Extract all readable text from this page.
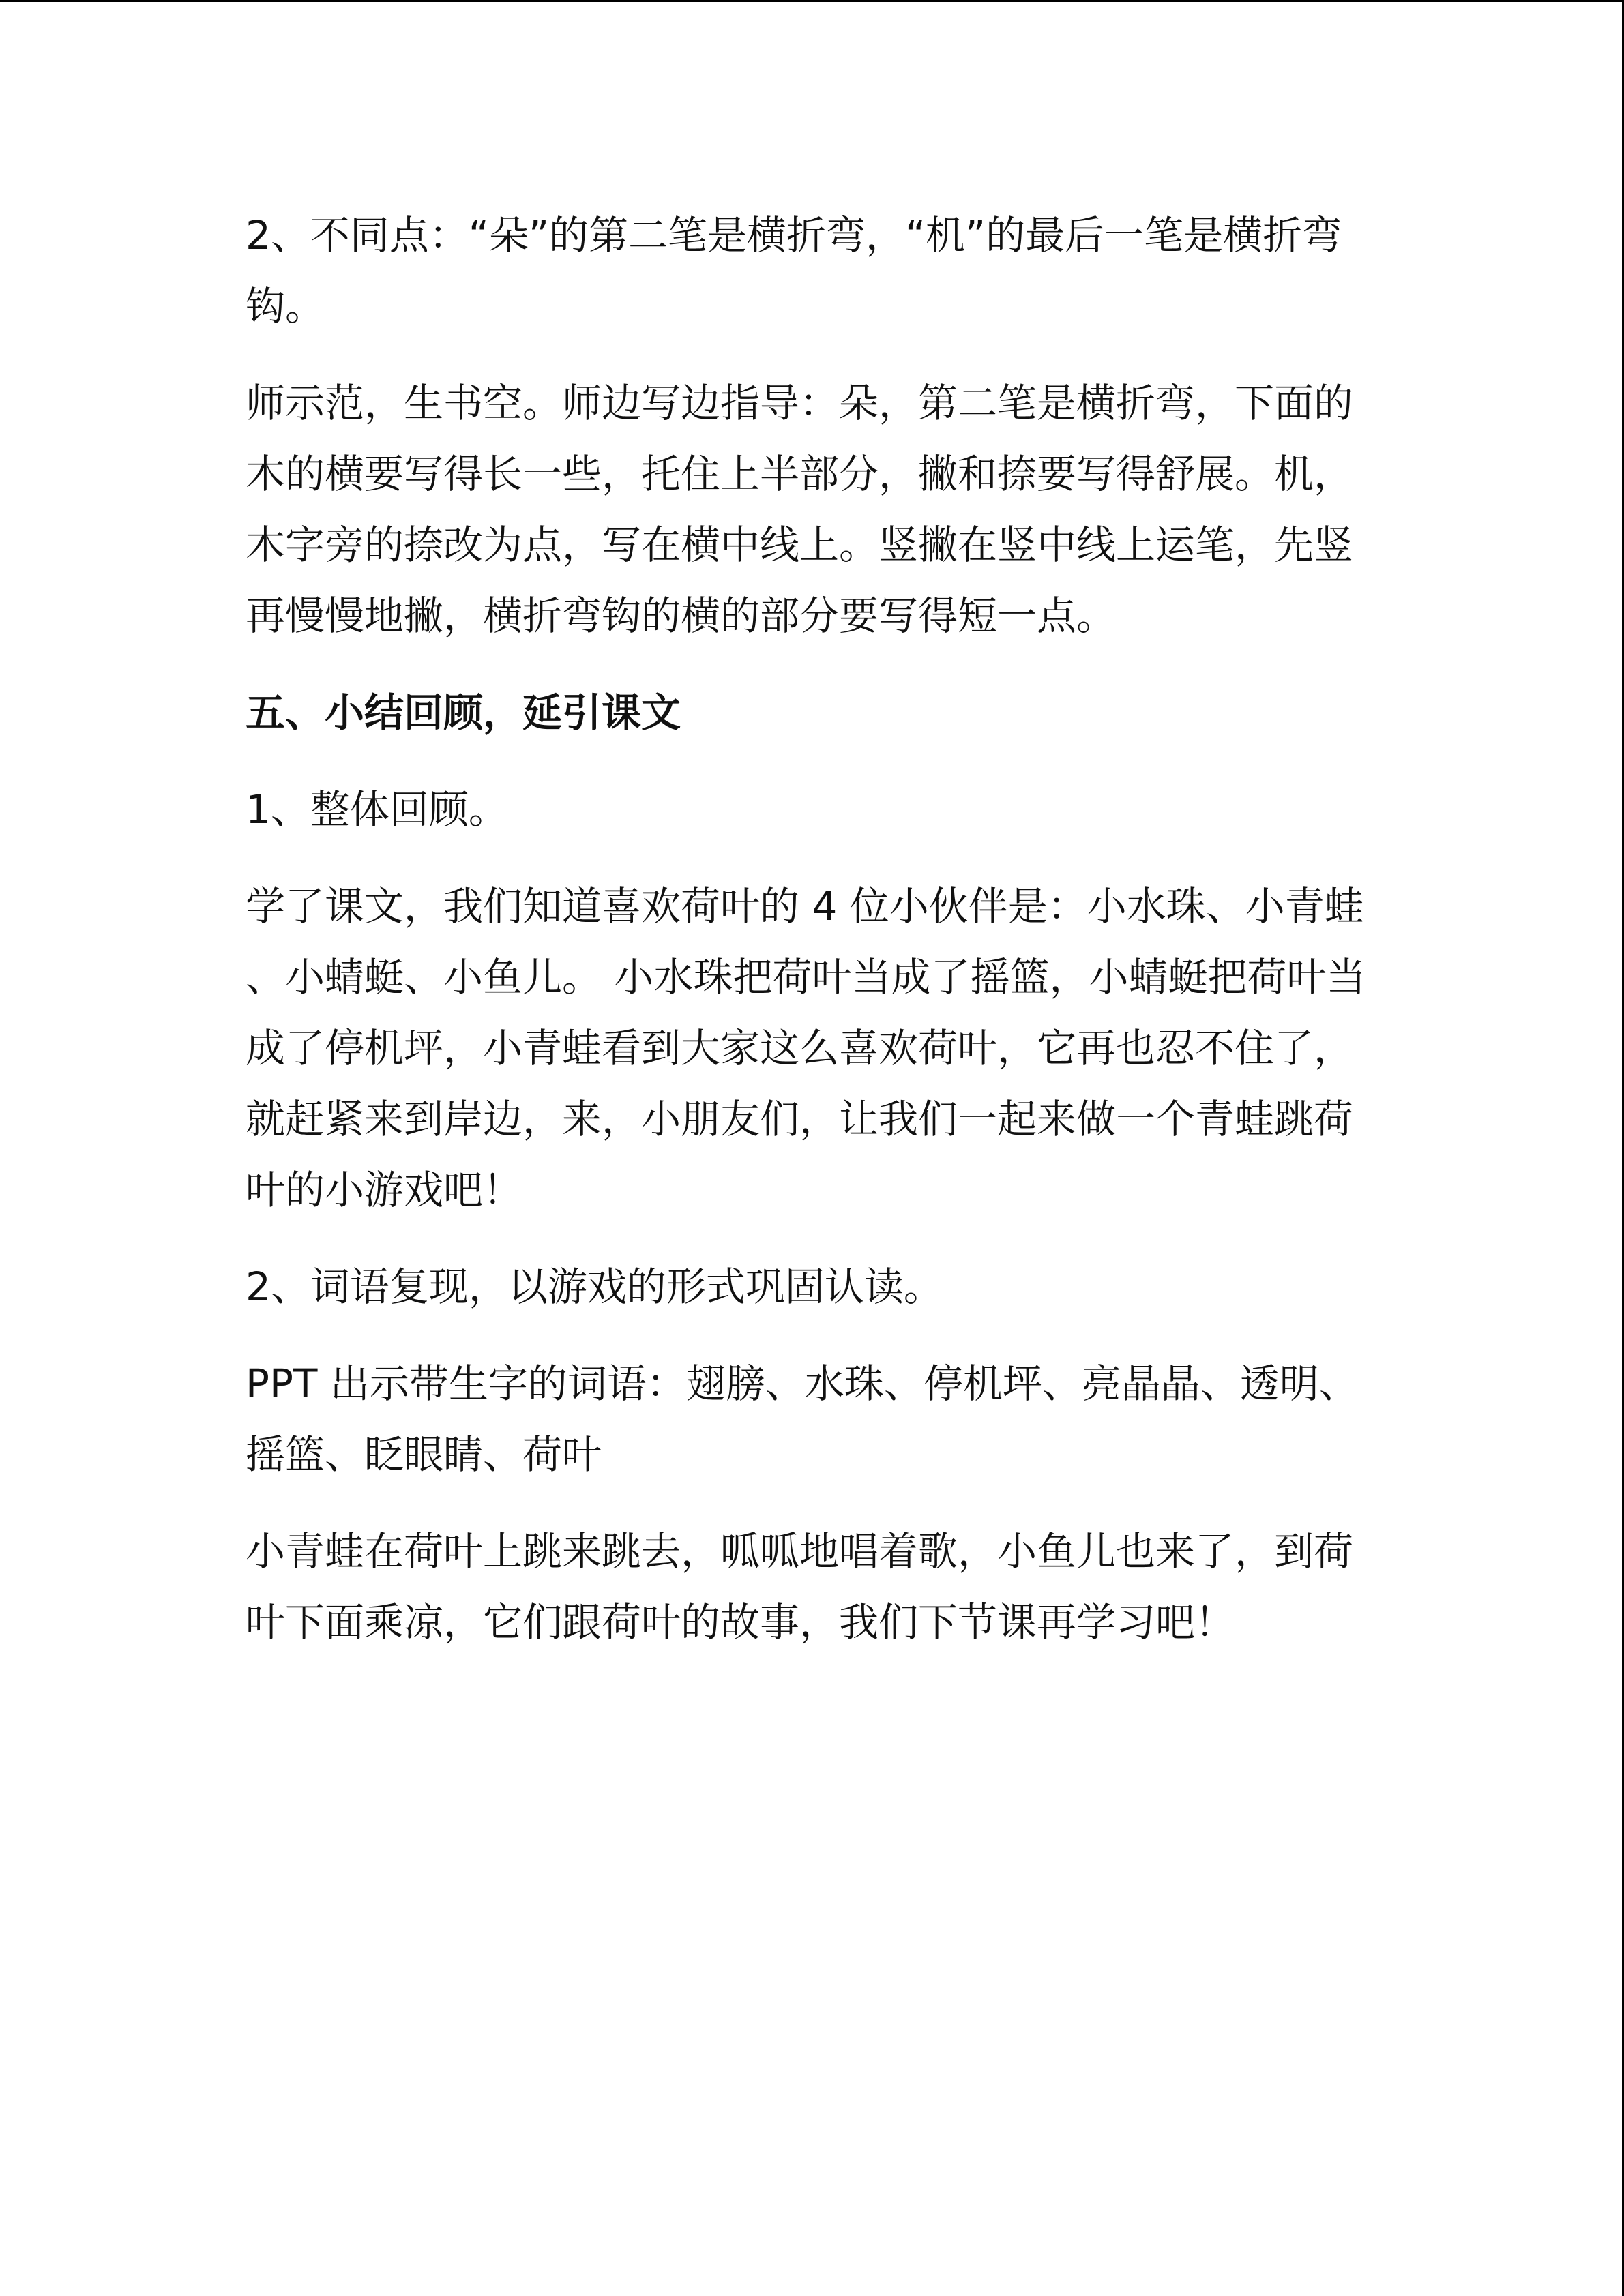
2、不同点：“朵”的第二笔是横折弯，“机”的最后一笔是横折弯钩。

师示范，生书空。师边写边指导：朵，第二笔是横折弯，下面的木的横要写得长一些，托住上半部分，撇和捺要写得舒展。机，木字旁的捺改为点，写在横中线上。竖撇在竖中线上运笔，先竖再慢慢地撇，横折弯钩的横的部分要写得短一点。

五、小结回顾，延引课文

1、整体回顾。

学了课文，我们知道喜欢荷叶的 4 位小伙伴是：小水珠、小青蛙 、小蜻蜓、小鱼儿。 小水珠把荷叶当成了摇篮，小蜻蜓把荷叶当成了停机坪，小青蛙看到大家这么喜欢荷叶，它再也忍不住了，就赶紧来到岸边，来，小朋友们，让我们一起来做一个青蛙跳荷叶的小游戏吧！

2、词语复现，以游戏的形式巩固认读。

PPT 出示带生字的词语：翅膀、水珠、停机坪、亮晶晶、透明、摇篮、眨眼睛、荷叶

小青蛙在荷叶上跳来跳去，呱呱地唱着歌，小鱼儿也来了，到荷叶下面乘凉，它们跟荷叶的故事，我们下节课再学习吧！
